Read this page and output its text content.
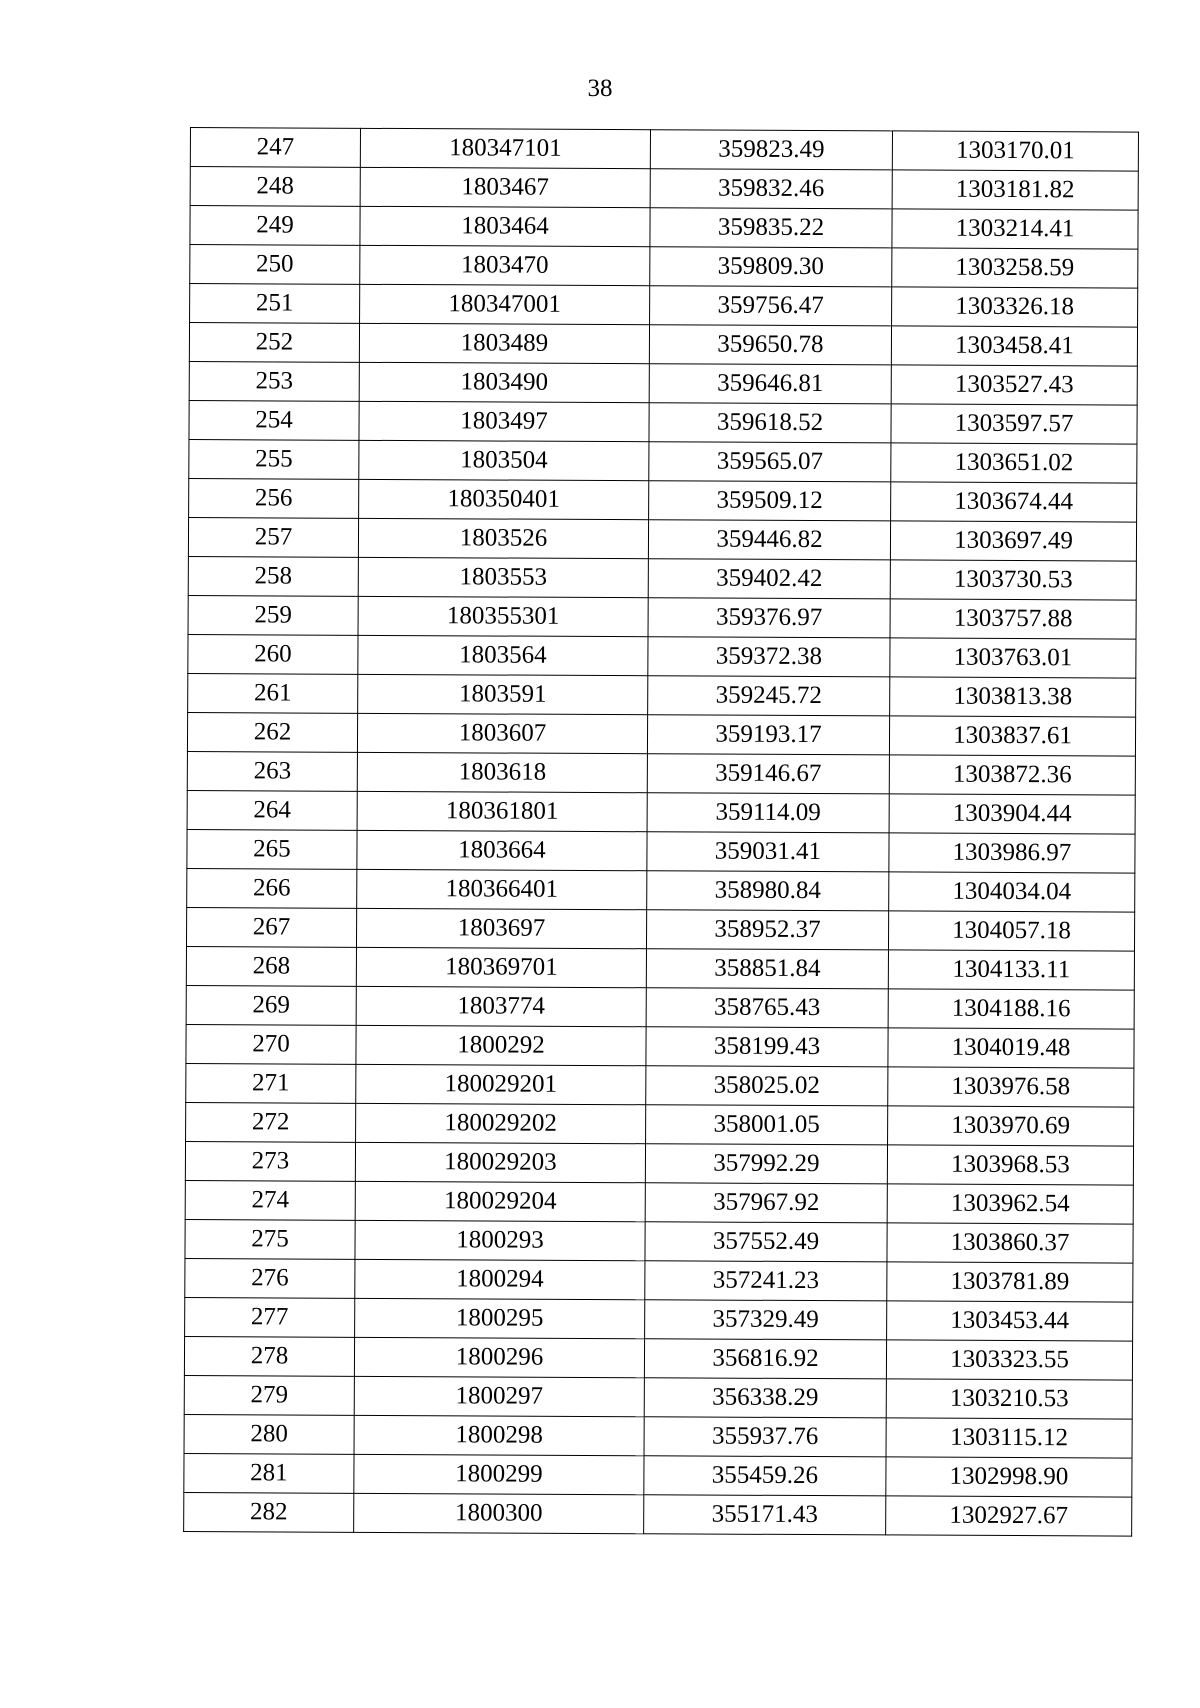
38
247	180347101	359823.49	1303170.01
248	1803467	359832.46	1303181.82
249	1803464	359835.22	1303214.41
250	1803470	359809.30	1303258.59
251	180347001	359756.47	1303326.18
252	1803489	359650.78	1303458.41
253	1803490	359646.81	1303527.43
254	1803497	359618.52	1303597.57
255	1803504	359565.07	1303651.02
256	180350401	359509.12	1303674.44
257	1803526	359446.82	1303697.49
258	1803553	359402.42	1303730.53
259	180355301	359376.97	1303757.88
260	1803564	359372.38	1303763.01
261	1803591	359245.72	1303813.38
262	1803607	359193.17	1303837.61
263	1803618	359146.67	1303872.36
264	180361801	359114.09	1303904.44
265	1803664	359031.41	1303986.97
266	180366401	358980.84	1304034.04
267	1803697	358952.37	1304057.18
268	180369701	358851.84	1304133.11
269	1803774	358765.43	1304188.16
270	1800292	358199.43	1304019.48
271	180029201	358025.02	1303976.58
272	180029202	358001.05	1303970.69
273	180029203	357992.29	1303968.53
274	180029204	357967.92	1303962.54
275	1800293	357552.49	1303860.37
276	1800294	357241.23	1303781.89
277	1800295	357329.49	1303453.44
278	1800296	356816.92	1303323.55
279	1800297	356338.29	1303210.53
280	1800298	355937.76	1303115.12
281	1800299	355459.26	1302998.90
282	1800300	355171.43	1302927.67
